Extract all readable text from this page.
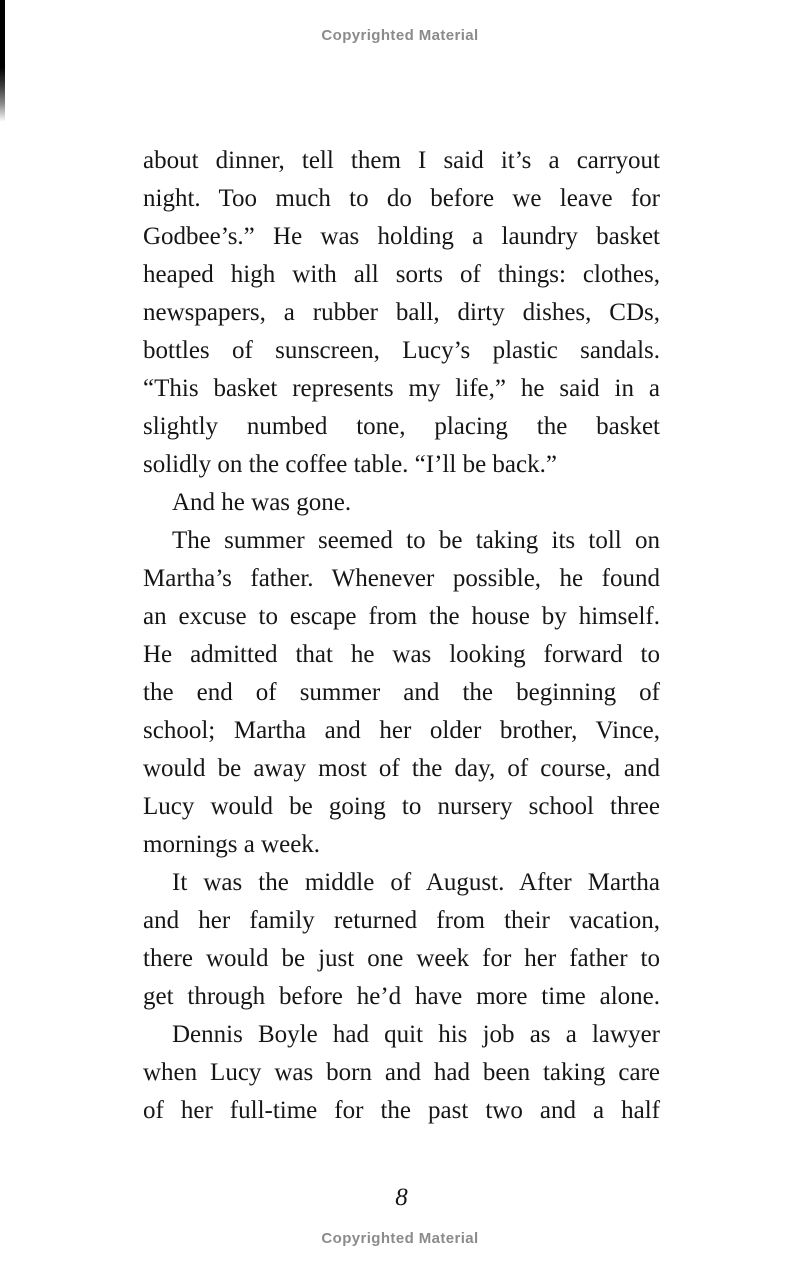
Copyrighted Material
about dinner, tell them I said it’s a carryout
night. Too much to do before we leave for
Godbee’s.” He was holding a laundry basket
heaped high with all sorts of things: clothes,
newspapers, a rubber ball, dirty dishes, CDs,
bottles of sunscreen, Lucy’s plastic sandals.
“This basket represents my life,” he said in a
slightly numbed tone, placing the basket
solidly on the coffee table. “I’ll be back.”
And he was gone.
The summer seemed to be taking its toll on
Martha’s father. Whenever possible, he found
an excuse to escape from the house by himself.
He admitted that he was looking forward to
the end of summer and the beginning of
school; Martha and her older brother, Vince,
would be away most of the day, of course, and
Lucy would be going to nursery school three
mornings a week.
It was the middle of August. After Martha
and her family returned from their vacation,
there would be just one week for her father to
get through before he’d have more time alone.
Dennis Boyle had quit his job as a lawyer
when Lucy was born and had been taking care
of her full-time for the past two and a half
8
Copyrighted Material
